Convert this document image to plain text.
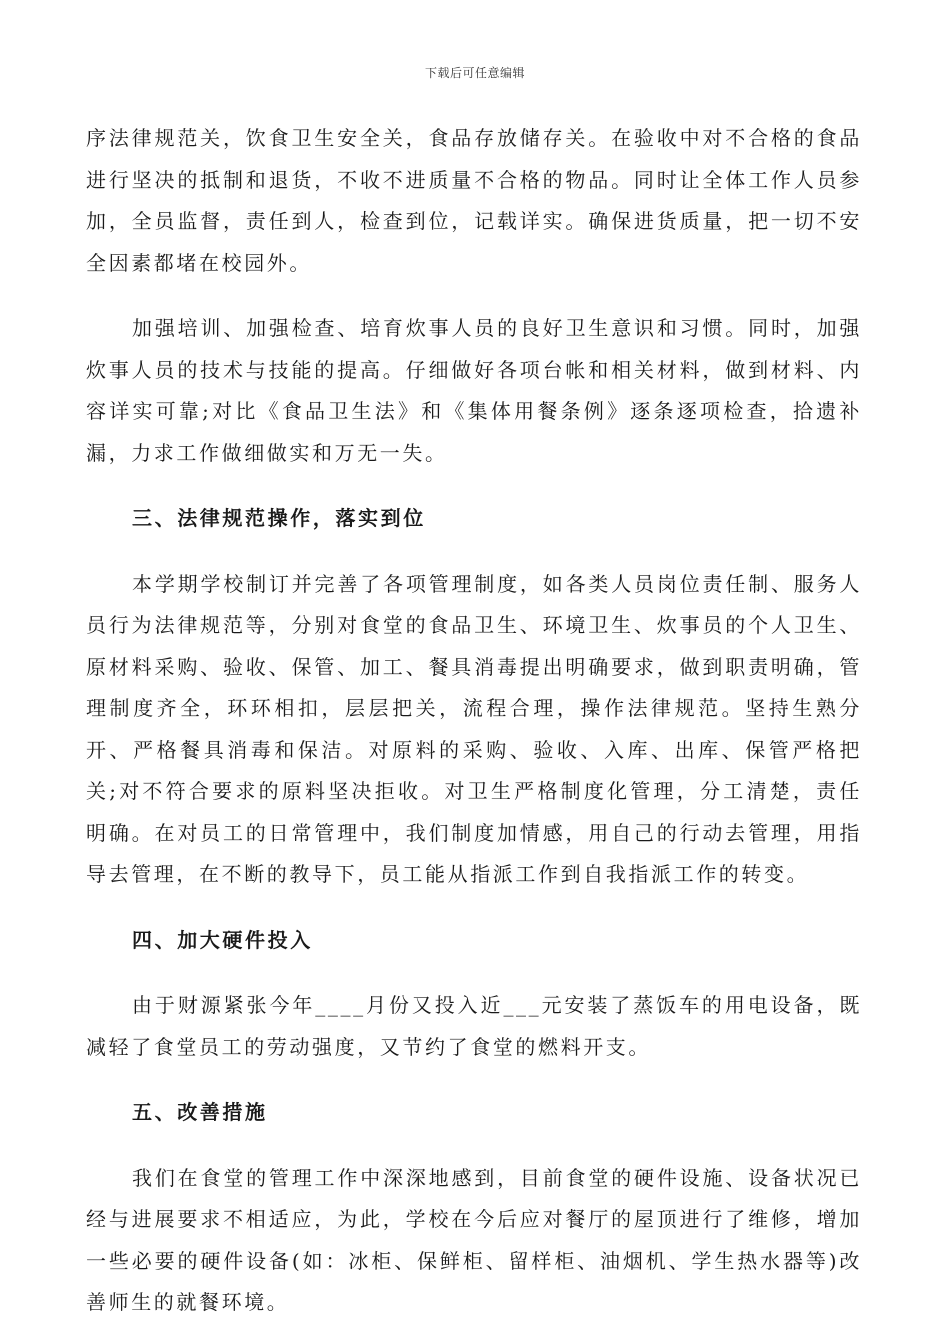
下载后可任意编辑

序法律规范关，饮食卫生安全关，食品存放储存关。在验收中对不合格的食品进行坚决的抵制和退货，不收不进质量不合格的物品。同时让全体工作人员参加，全员监督，责任到人，检查到位，记载详实。确保进货质量，把一切不安全因素都堵在校园外。

加强培训、加强检查、培育炊事人员的良好卫生意识和习惯。同时，加强炊事人员的技术与技能的提高。仔细做好各项台帐和相关材料，做到材料、内容详实可靠;对比《食品卫生法》和《集体用餐条例》逐条逐项检查，拾遗补漏，力求工作做细做实和万无一失。

三、法律规范操作，落实到位

本学期学校制订并完善了各项管理制度，如各类人员岗位责任制、服务人员行为法律规范等，分别对食堂的食品卫生、环境卫生、炊事员的个人卫生、原材料采购、验收、保管、加工、餐具消毒提出明确要求，做到职责明确，管理制度齐全，环环相扣，层层把关，流程合理，操作法律规范。坚持生熟分开、严格餐具消毒和保洁。对原料的采购、验收、入库、出库、保管严格把关;对不符合要求的原料坚决拒收。对卫生严格制度化管理，分工清楚，责任明确。在对员工的日常管理中，我们制度加情感，用自己的行动去管理，用指导去管理，在不断的教导下，员工能从指派工作到自我指派工作的转变。

四、加大硬件投入

由于财源紧张今年____月份又投入近___元安装了蒸饭车的用电设备，既减轻了食堂员工的劳动强度，又节约了食堂的燃料开支。

五、改善措施

我们在食堂的管理工作中深深地感到，目前食堂的硬件设施、设备状况已经与进展要求不相适应，为此，学校在今后应对餐厅的屋顶进行了维修，增加一些必要的硬件设备(如：冰柜、保鲜柜、留样柜、油烟机、学生热水器等)改善师生的就餐环境。
